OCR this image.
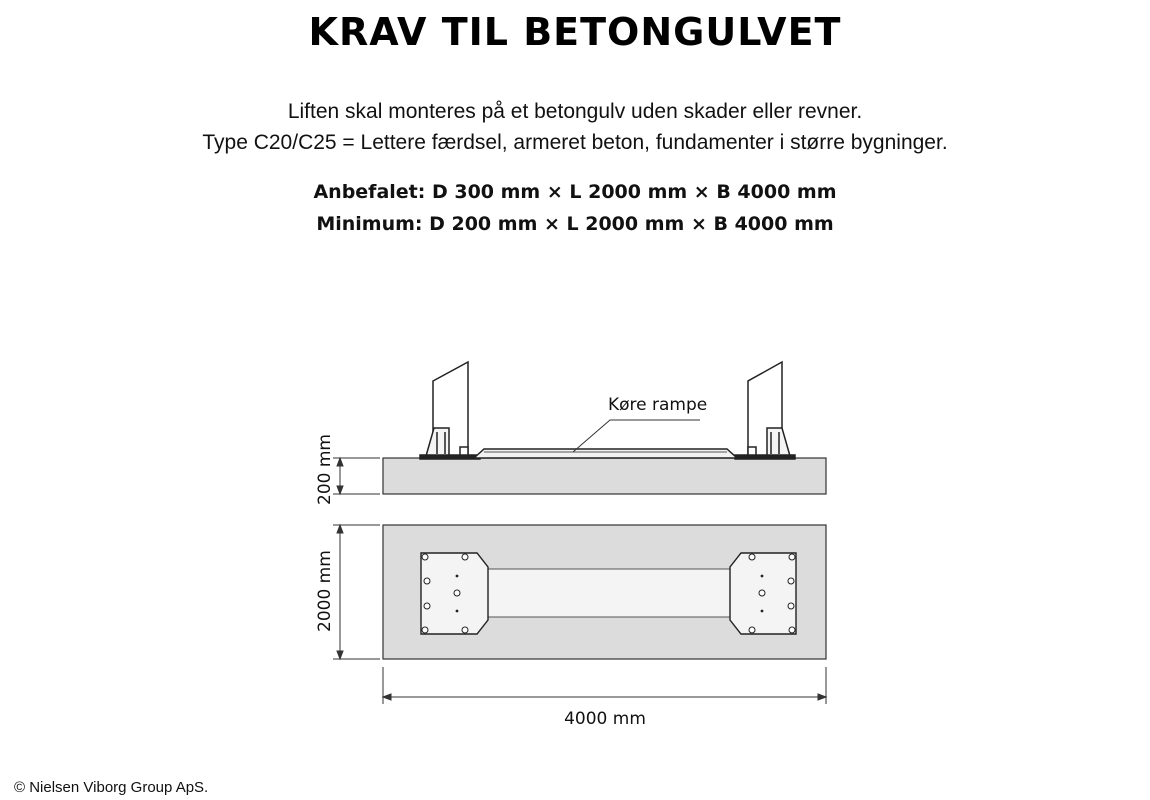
KRAV TIL BETONGULVET
Liften skal monteres på et betongulv uden skader eller revner.
Type C20/C25 = Lettere færdsel, armeret beton, fundamenter i større bygninger.
Anbefalet: D 300 mm × L 2000 mm × B 4000 mm
Minimum: D 200 mm × L 2000 mm × B 4000 mm
Køre rampe
200 mm
2000 mm
4000 mm
© Nielsen Viborg Group ApS.
